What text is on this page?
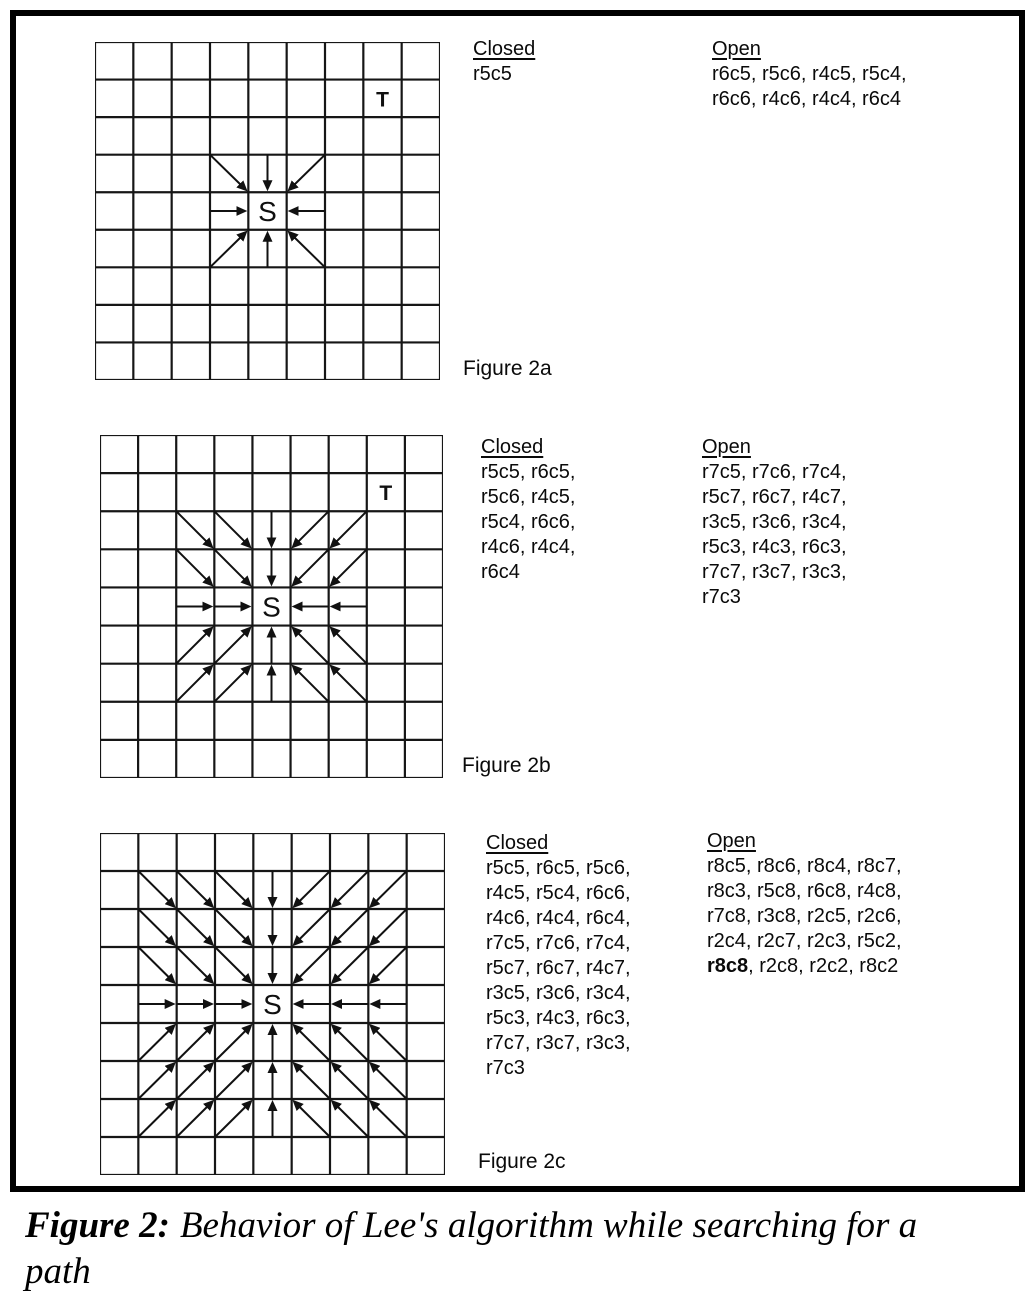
S
T
Closed
r5c5
Open
r6c5, r5c6, r4c5, r5c4,
r6c6, r4c6, r4c4, r6c4
Figure 2a
S
T
Closed
r5c5, r6c5,
r5c6, r4c5,
r5c4, r6c6,
r4c6, r4c4,
r6c4
Open
r7c5, r7c6, r7c4,
r5c7, r6c7, r4c7,
r3c5, r3c6, r3c4,
r5c3, r4c3, r6c3,
r7c7, r3c7, r3c3,
r7c3
Figure 2b
S
Closed
r5c5, r6c5, r5c6,
r4c5, r5c4, r6c6,
r4c6, r4c4, r6c4,
r7c5, r7c6, r7c4,
r5c7, r6c7, r4c7,
r3c5, r3c6, r3c4,
r5c3, r4c3, r6c3,
r7c7, r3c7, r3c3,
r7c3
Open
r8c5, r8c6, r8c4, r8c7,
r8c3, r5c8, r6c8, r4c8,
r7c8, r3c8, r2c5, r2c6,
r2c4, r2c7, r2c3, r5c2,
r8c8, r2c8, r2c2, r8c2
Figure 2c
Figure 2: Behavior of Lee's algorithm while searching for a path
